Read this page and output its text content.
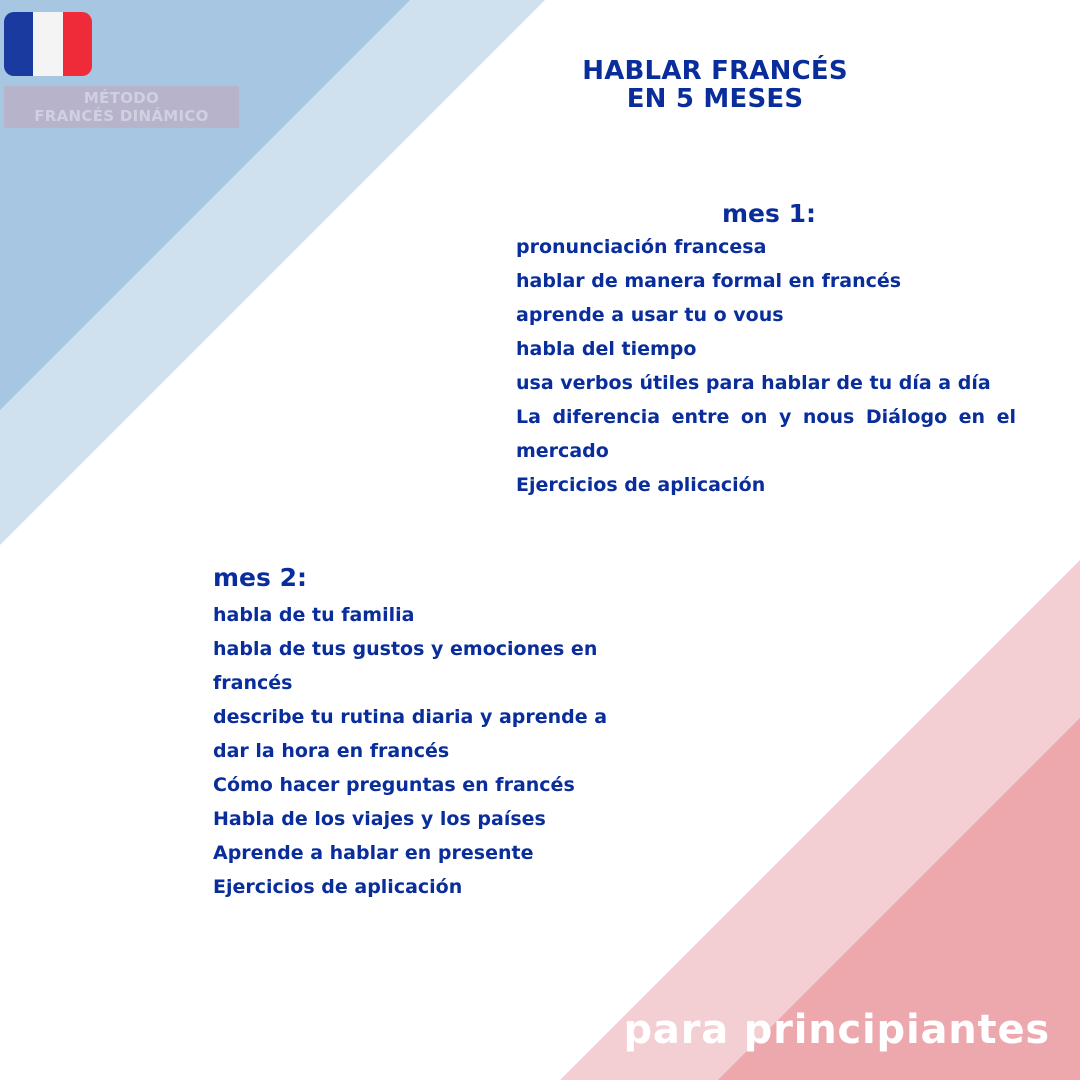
MÉTODO
FRANCÉS DINÁMICO
HABLAR FRANCÉS
EN 5 MESES
mes 1:
pronunciación francesa
hablar de manera formal en francés
aprende a usar tu o vous
habla del tiempo
usa verbos útiles para hablar de tu día a día
La diferencia entre on y nous Diálogo en el mercado
Ejercicios de aplicación
mes 2:
habla de tu familia
habla de tus gustos y emociones en francés
describe tu rutina diaria y aprende a dar la hora en francés
Cómo hacer preguntas en francés
Habla de los viajes y los países
Aprende a hablar en presente
Ejercicios de aplicación
para principiantes
